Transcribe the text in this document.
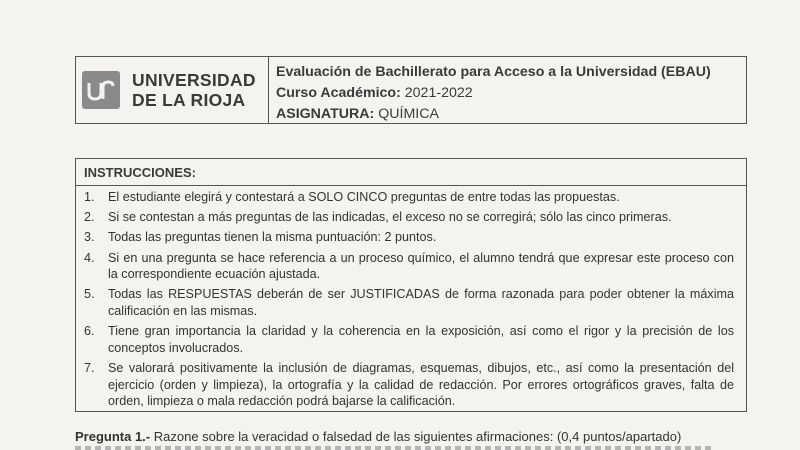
UNIVERSIDAD
DE LA RIOJA
Evaluación de Bachillerato para Acceso a la Universidad (EBAU)
Curso Académico: 2021-2022
ASIGNATURA: QUÍMICA
INSTRUCCIONES:
1.	El estudiante elegirá y contestará a SOLO CINCO preguntas de entre todas las propuestas.
2.	Si se contestan a más preguntas de las indicadas, el exceso no se corregirá; sólo las cinco primeras.
3.	Todas las preguntas tienen la misma puntuación: 2 puntos.
4.	Si en una pregunta se hace referencia a un proceso químico, el alumno tendrá que expresar este proceso con la correspondiente ecuación ajustada.
5.	Todas las RESPUESTAS deberán de ser JUSTIFICADAS de forma razonada para poder obtener la máxima calificación en las mismas.
6.	Tiene gran importancia la claridad y la coherencia en la exposición, así como el rigor y la precisión de los conceptos involucrados.
7.	Se valorará positivamente la inclusión de diagramas, esquemas, dibujos, etc., así como la presentación del ejercicio (orden y limpieza), la ortografía y la calidad de redacción. Por errores ortográficos graves, falta de orden, limpieza o mala redacción podrá bajarse la calificación.
Pregunta 1.- Razone sobre la veracidad o falsedad de las siguientes afirmaciones: (0,4 puntos/apartado)
